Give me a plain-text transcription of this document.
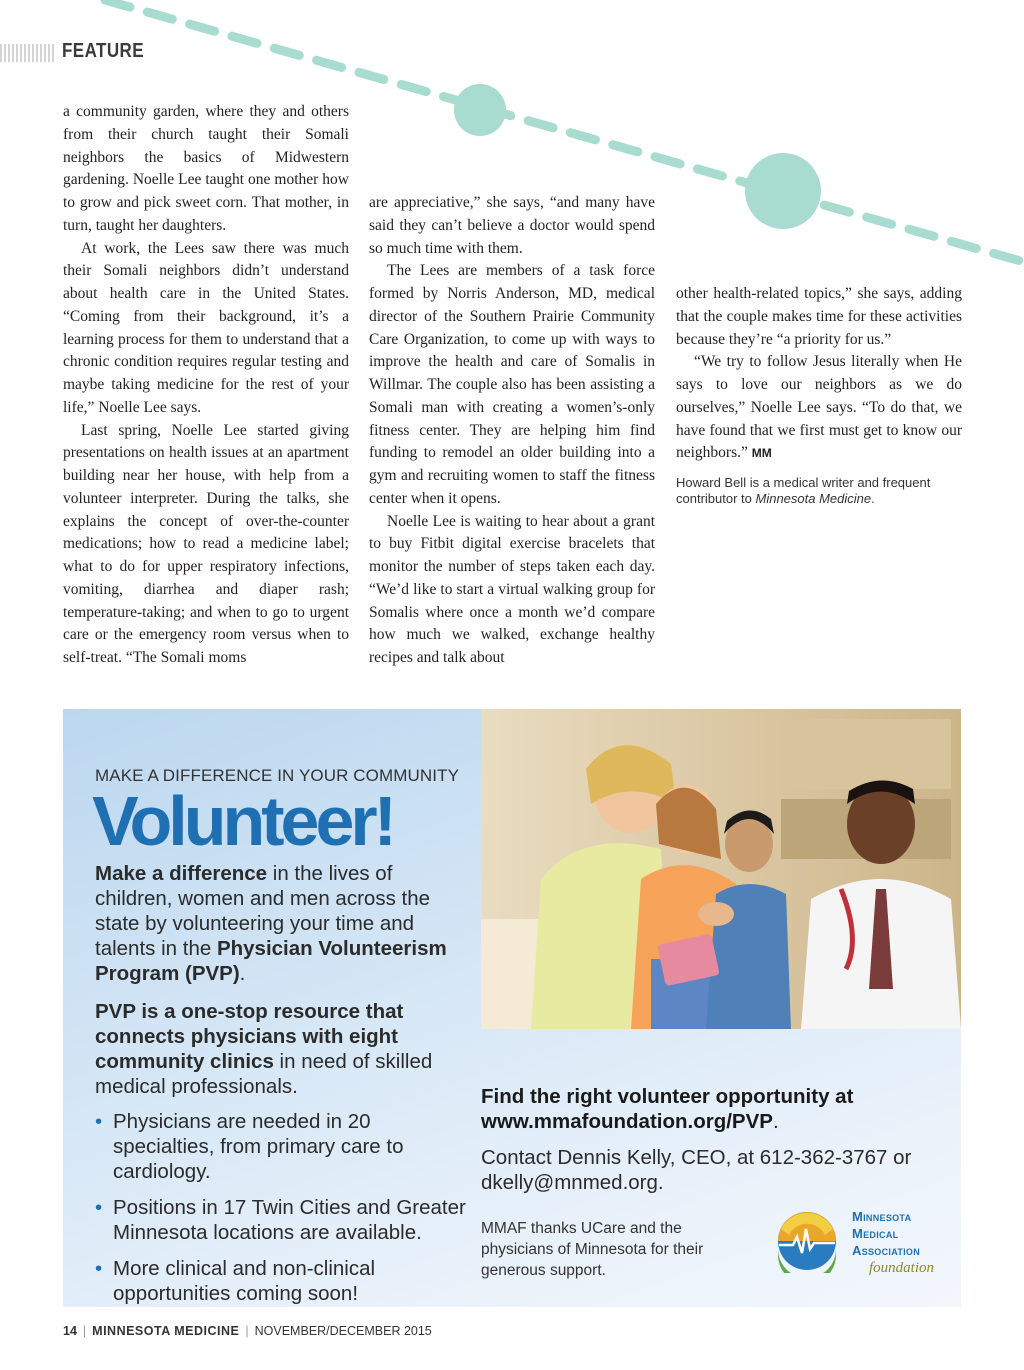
FEATURE

a community garden, where they and others from their church taught their Somali neighbors the basics of Midwestern gardening. Noelle Lee taught one mother how to grow and pick sweet corn. That mother, in turn, taught her daughters.

At work, the Lees saw there was much their Somali neighbors didn’t understand about health care in the United States. “Coming from their background, it’s a learning process for them to understand that a chronic condition requires regular testing and maybe taking medicine for the rest of your life,” Noelle Lee says.

Last spring, Noelle Lee started giving presentations on health issues at an apartment building near her house, with help from a volunteer interpreter. During the talks, she explains the concept of over-the-counter medications; how to read a medicine label; what to do for upper respiratory infections, vomiting, diarrhea and diaper rash; temperature-taking; and when to go to urgent care or the emergency room versus when to self-treat. “The Somali moms

are appreciative,” she says, “and many have said they can’t believe a doctor would spend so much time with them.

The Lees are members of a task force formed by Norris Anderson, MD, medical director of the Southern Prairie Community Care Organization, to come up with ways to improve the health and care of Somalis in Willmar. The couple also has been assisting a Somali man with creating a women’s-only fitness center. They are helping him find funding to remodel an older building into a gym and recruiting women to staff the fitness center when it opens.

Noelle Lee is waiting to hear about a grant to buy Fitbit digital exercise bracelets that monitor the number of steps taken each day. “We’d like to start a virtual walking group for Somalis where once a month we’d compare how much we walked, exchange healthy recipes and talk about

other health-related topics,” she says, adding that the couple makes time for these activities because they’re “a priority for us.”

“We try to follow Jesus literally when He says to love our neighbors as we do ourselves,” Noelle Lee says. “To do that, we have found that we first must get to know our neighbors.” MM

Howard Bell is a medical writer and frequent contributor to Minnesota Medicine.

MAKE A DIFFERENCE IN YOUR COMMUNITY
Volunteer!
Make a difference in the lives of children, women and men across the state by volunteering your time and talents in the Physician Volunteerism Program (PVP).
PVP is a one-stop resource that connects physicians with eight community clinics in need of skilled medical professionals.
• Physicians are needed in 20 specialties, from primary care to cardiology.
• Positions in 17 Twin Cities and Greater Minnesota locations are available.
• More clinical and non-clinical opportunities coming soon!
Find the right volunteer opportunity at www.mmafoundation.org/PVP.
Contact Dennis Kelly, CEO, at 612-362-3767 or dkelly@mnmed.org.
MMAF thanks UCare and the physicians of Minnesota for their generous support.
Minnesota
Medical
Association
foundation
14 | MINNESOTA MEDICINE | NOVEMBER/DECEMBER 2015
